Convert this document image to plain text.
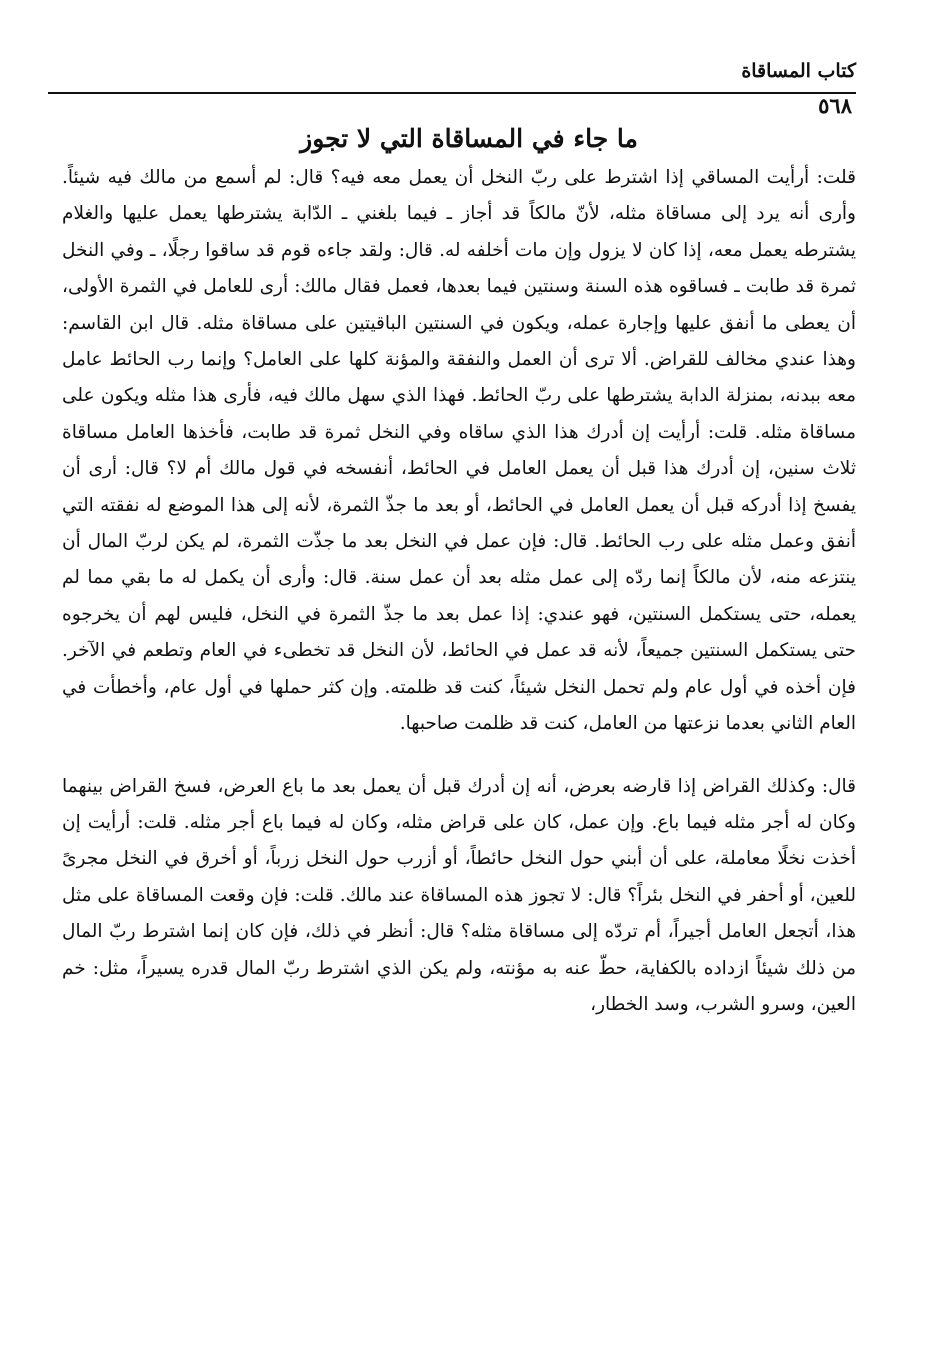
كتاب المساقاة
٥٦٨
ما جاء في المساقاة التي لا تجوز

قلت: أرأيت المساقي إذا اشترط على ربّ النخل أن يعمل معه فيه؟ قال: لم أسمع من مالك فيه شيئاً. وأرى أنه يرد إلى مساقاة مثله، لأنّ مالكاً قد أجاز ـ فيما بلغني ـ الدّابة يشترطها يعمل عليها والغلام يشترطه يعمل معه، إذا كان لا يزول وإن مات أخلفه له. قال: ولقد جاءه قوم قد ساقوا رجلًا، ـ وفي النخل ثمرة قد طابت ـ فساقوه هذه السنة وسنتين فيما بعدها، فعمل فقال مالك: أرى للعامل في الثمرة الأولى، أن يعطى ما أنفق عليها وإجارة عمله، ويكون في السنتين الباقيتين على مساقاة مثله. قال ابن القاسم: وهذا عندي مخالف للقراض. ألا ترى أن العمل والنفقة والمؤنة كلها على العامل؟ وإنما رب الحائط عامل معه ببدنه، بمنزلة الدابة يشترطها على ربّ الحائط. فهذا الذي سهل مالك فيه، فأرى هذا مثله ويكون على مساقاة مثله. قلت: أرأيت إن أدرك هذا الذي ساقاه وفي النخل ثمرة قد طابت، فأخذها العامل مساقاة ثلاث سنين، إن أدرك هذا قبل أن يعمل العامل في الحائط، أنفسخه في قول مالك أم لا؟ قال: أرى أن يفسخ إذا أدركه قبل أن يعمل العامل في الحائط، أو بعد ما جذّ الثمرة، لأنه إلى هذا الموضع له نفقته التي أنفق وعمل مثله على رب الحائط. قال: فإن عمل في النخل بعد ما جذّت الثمرة، لم يكن لربّ المال أن ينتزعه منه، لأن مالكاً إنما ردّه إلى عمل مثله بعد أن عمل سنة. قال: وأرى أن يكمل له ما بقي مما لم يعمله، حتى يستكمل السنتين، فهو عندي: إذا عمل بعد ما جذّ الثمرة في النخل، فليس لهم أن يخرجوه حتى يستكمل السنتين جميعاً، لأنه قد عمل في الحائط، لأن النخل قد تخطىء في العام وتطعم في الآخر. فإن أخذه في أول عام ولم تحمل النخل شيئاً، كنت قد ظلمته. وإن كثر حملها في أول عام، وأخطأت في العام الثاني بعدما نزعتها من العامل، كنت قد ظلمت صاحبها.

قال: وكذلك القراض إذا قارضه بعرض، أنه إن أدرك قبل أن يعمل بعد ما باع العرض، فسخ القراض بينهما وكان له أجر مثله فيما باع. وإن عمل، كان على قراض مثله، وكان له فيما باع أجر مثله. قلت: أرأيت إن أخذت نخلًا معاملة، على أن أبني حول النخل حائطاً، أو أزرب حول النخل زرباً، أو أخرق في النخل مجرىً للعين، أو أحفر في النخل بئراً؟ قال: لا تجوز هذه المساقاة عند مالك. قلت: فإن وقعت المساقاة على مثل هذا، أتجعل العامل أجيراً، أم تردّه إلى مساقاة مثله؟ قال: أنظر في ذلك، فإن كان إنما اشترط ربّ المال من ذلك شيئاً ازداده بالكفاية، حطّ عنه به مؤنته، ولم يكن الذي اشترط ربّ المال قدره يسيراً، مثل: خم العين، وسرو الشرب، وسد الخطار،
